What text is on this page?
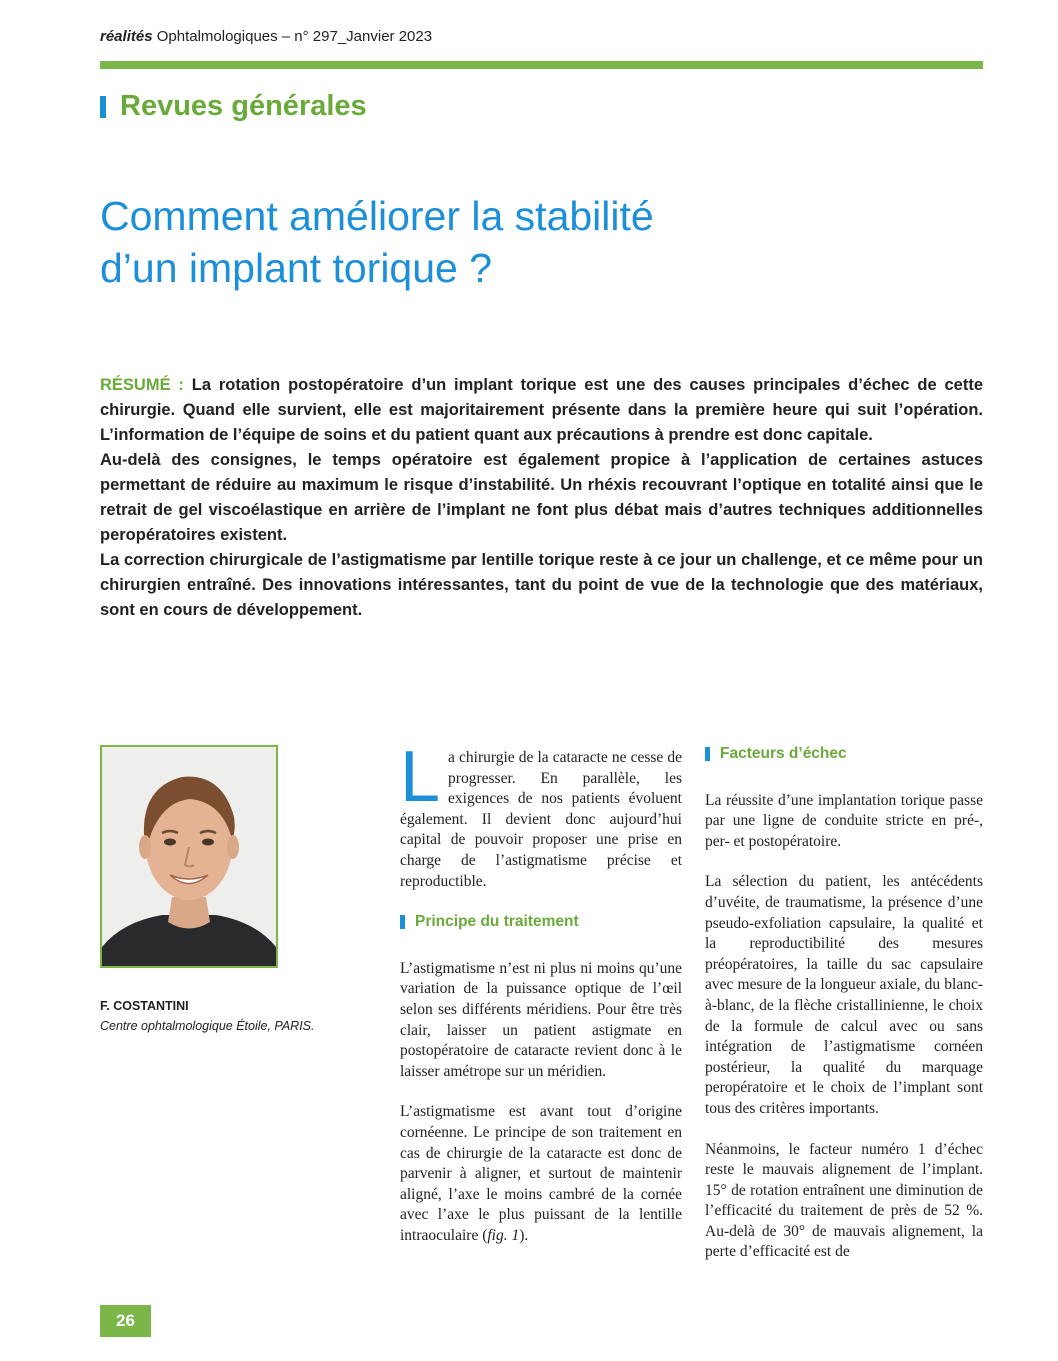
réalités Ophtalmologiques – n° 297_Janvier 2023
Revues générales
Comment améliorer la stabilité
d’un implant torique ?

RÉSUMÉ : La rotation postopératoire d’un implant torique est une des causes principales d’échec de cette chirurgie. Quand elle survient, elle est majoritairement présente dans la première heure qui suit l’opération. L’information de l’équipe de soins et du patient quant aux précautions à prendre est donc capitale.

Au-delà des consignes, le temps opératoire est également propice à l’application de certaines astuces permettant de réduire au maximum le risque d’instabilité. Un rhéxis recouvrant l’optique en totalité ainsi que le retrait de gel viscoélastique en arrière de l’implant ne font plus débat mais d’autres techniques additionnelles peropératoires existent.

La correction chirurgicale de l’astigmatisme par lentille torique reste à ce jour un challenge, et ce même pour un chirurgien entraîné. Des innovations intéressantes, tant du point de vue de la technologie que des matériaux, sont en cours de développement.

F. COSTANTINI
Centre ophtalmologique Étoile, PARIS.

La chirurgie de la cataracte ne cesse de progresser. En parallèle, les exigences de nos patients évoluent également. Il devient donc aujourd’hui capital de pouvoir proposer une prise en charge de l’astigmatisme précise et reproductible.

Principe du traitement

L’astigmatisme n’est ni plus ni moins qu’une variation de la puissance optique de l’œil selon ses différents méridiens. Pour être très clair, laisser un patient astigmate en postopératoire de cataracte revient donc à le laisser amétrope sur un méridien.

L’astigmatisme est avant tout d’origine cornéenne. Le principe de son traitement en cas de chirurgie de la cataracte est donc de parvenir à aligner, et surtout de maintenir aligné, l’axe le moins cambré de la cornée avec l’axe le plus puissant de la lentille intraoculaire (fig. 1).

Facteurs d’échec

La réussite d’une implantation torique passe par une ligne de conduite stricte en pré-, per- et postopératoire.

La sélection du patient, les antécédents d’uvéite, de traumatisme, la présence d’une pseudo-exfoliation capsulaire, la qualité et la reproductibilité des mesures préopératoires, la taille du sac capsulaire avec mesure de la longueur axiale, du blanc-à-blanc, de la flèche cristallinienne, le choix de la formule de calcul avec ou sans intégration de l’astigmatisme cornéen postérieur, la qualité du marquage peropératoire et le choix de l’implant sont tous des critères importants.

Néanmoins, le facteur numéro 1 d’échec reste le mauvais alignement de l’implant. 15° de rotation entraînent une diminution de l’efficacité du traitement de près de 52 %. Au-delà de 30° de mauvais alignement, la perte d’efficacité est de

26
